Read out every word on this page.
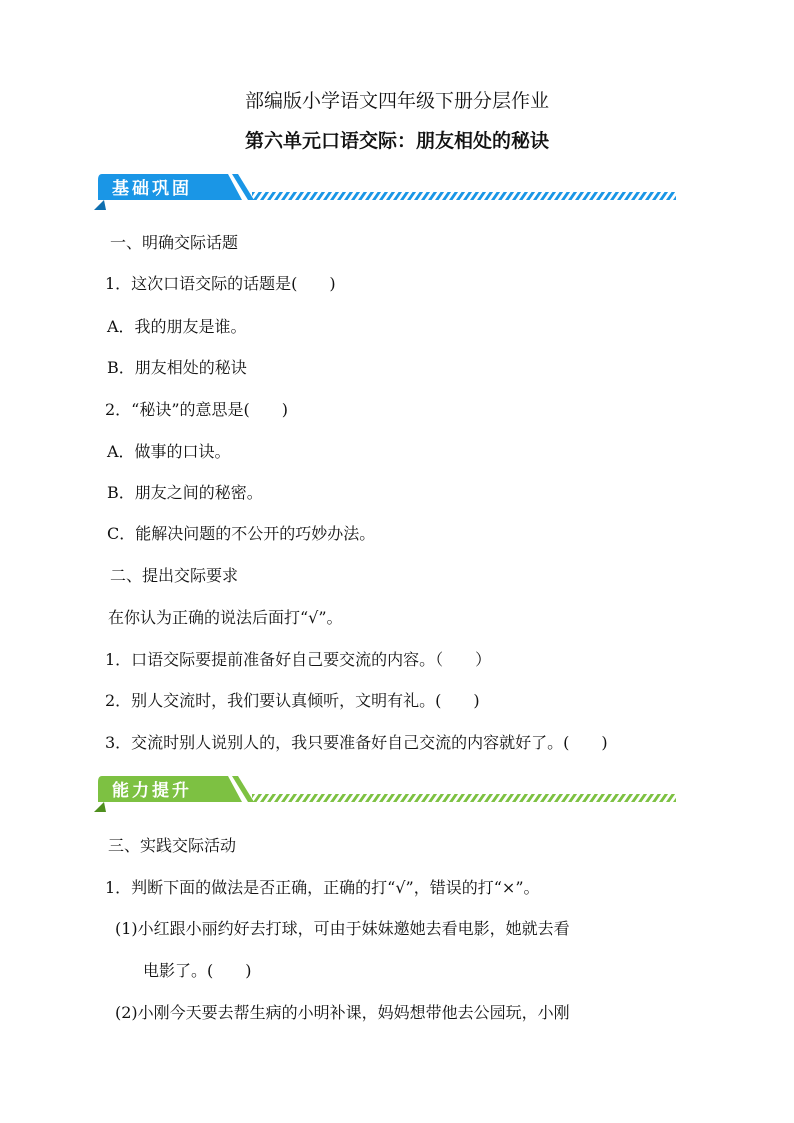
部编版小学语文四年级下册分层作业
第六单元口语交际：朋友相处的秘诀
基础巩固
一、明确交际话题
1．这次口语交际的话题是(　　)
A．我的朋友是谁。
B．朋友相处的秘诀
2．“秘诀”的意思是(　　)
A．做事的口诀。
B．朋友之间的秘密。
C．能解决问题的不公开的巧妙办法。
二、提出交际要求
在你认为正确的说法后面打“√”。
1．口语交际要提前准备好自己要交流的内容。（　　）
2．别人交流时，我们要认真倾听，文明有礼。(　　)
3．交流时别人说别人的，我只要准备好自己交流的内容就好了。(　　)
能力提升
三、实践交际活动
1．判断下面的做法是否正确，正确的打“√”，错误的打“×”。
(1)小红跟小丽约好去打球，可由于妹妹邀她去看电影，她就去看
电影了。(　　)
(2)小刚今天要去帮生病的小明补课，妈妈想带他去公园玩，小刚
